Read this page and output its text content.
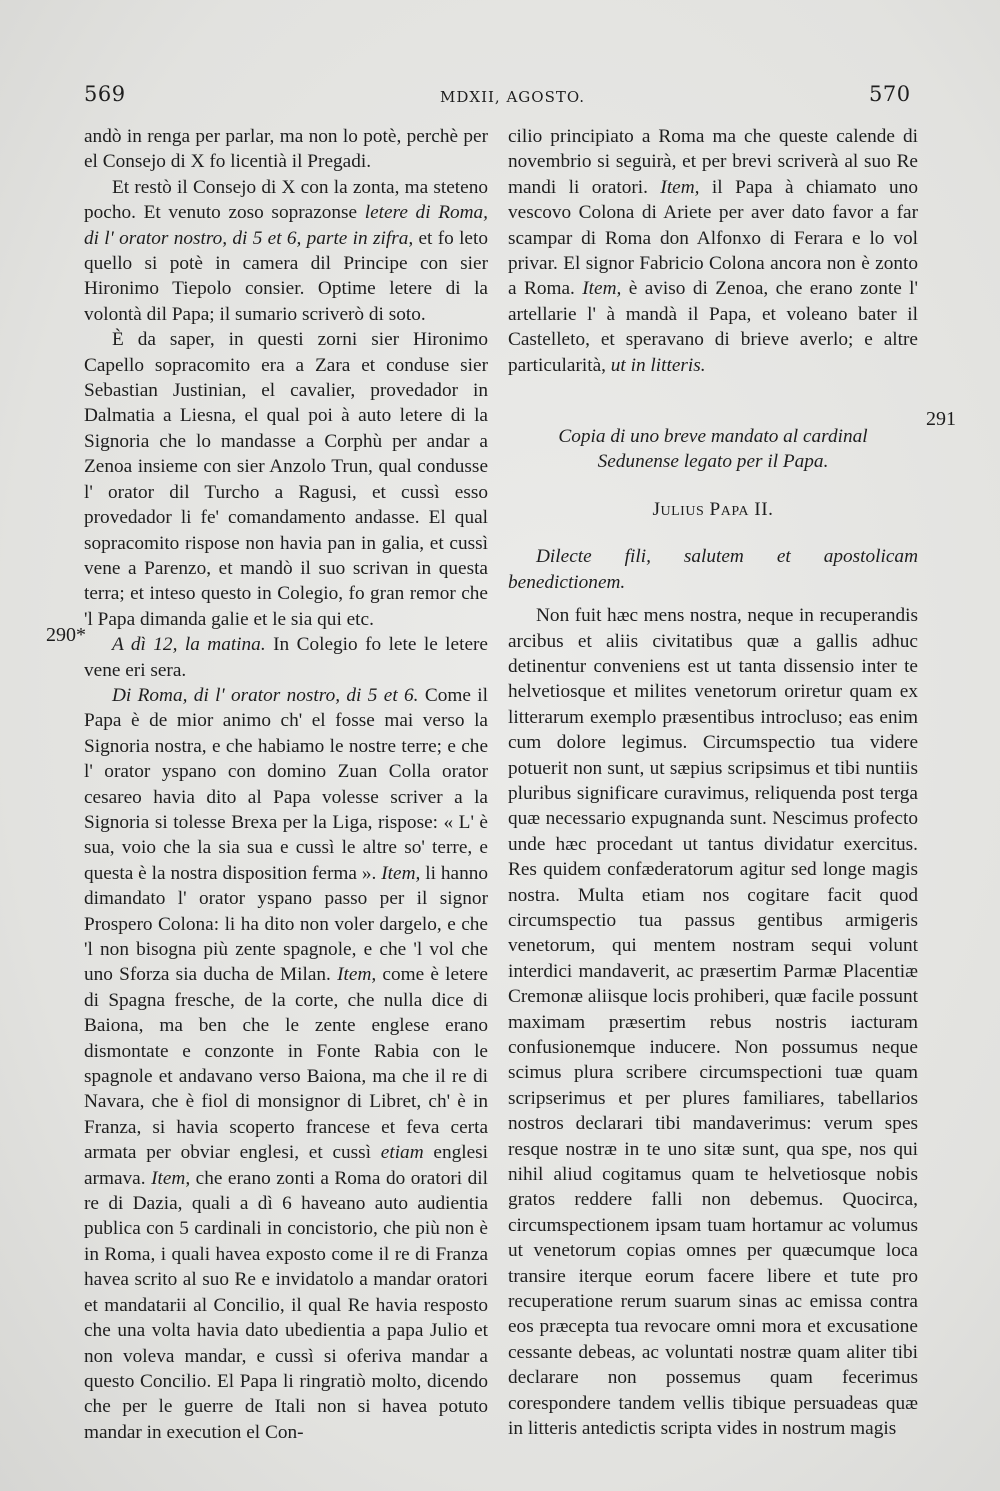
569	MDXII, AGOSTO.	570
290*
291

andò in renga per parlar, ma non lo potè, perchè per el Consejo di X fo licentià il Pregadi.

Et restò il Consejo di X con la zonta, ma steteno pocho. Et venuto zoso soprazonse letere di Roma, di l' orator nostro, di 5 et 6, parte in zifra, et fo leto quello si potè in camera dil Principe con sier Hironimo Tiepolo consier. Optime letere di la volontà dil Papa; il sumario scriverò di soto.

È da saper, in questi zorni sier Hironimo Capello sopracomito era a Zara et conduse sier Sebastian Justinian, el cavalier, provedador in Dalmatia a Liesna, el qual poi à auto letere di la Signoria che lo mandasse a Corphù per andar a Zenoa insieme con sier Anzolo Trun, qual condusse l' orator dil Turcho a Ragusi, et cussì esso provedador li fe' comandamento andasse. El qual sopracomito rispose non havia pan in galia, et cussì vene a Parenzo, et mandò il suo scrivan in questa terra; et inteso questo in Colegio, fo gran remor che 'l Papa dimanda galie et le sia qui etc.

A dì 12, la matina. In Colegio fo lete le letere vene eri sera.

Di Roma, di l' orator nostro, di 5 et 6. Come il Papa è de mior animo ch' el fosse mai verso la Signoria nostra, e che habiamo le nostre terre; e che l' orator yspano con domino Zuan Colla orator cesareo havia dito al Papa volesse scriver a la Signoria si tolesse Brexa per la Liga, rispose: « L' è sua, voio che la sia sua e cussì le altre so' terre, e questa è la nostra disposition ferma ». Item, li hanno dimandato l' orator yspano passo per il signor Prospero Colona: li ha dito non voler dargelo, e che 'l non bisogna più zente spagnole, e che 'l vol che uno Sforza sia ducha de Milan. Item, come è letere di Spagna fresche, de la corte, che nulla dice di Baiona, ma ben che le zente englese erano dismontate e conzonte in Fonte Rabia con le spagnole et andavano verso Baiona, ma che il re di Navara, che è fiol di monsignor di Libret, ch' è in Franza, si havia scoperto francese et feva certa armata per obviar englesi, et cussì etiam englesi armava. Item, che erano zonti a Roma do oratori dil re di Dazia, quali a dì 6 haveano auto audientia publica con 5 cardinali in concistorio, che più non è in Roma, i quali havea exposto come il re di Franza havea scrito al suo Re e invidatolo a mandar oratori et mandatarii al Concilio, il qual Re havia resposto che una volta havia dato ubedientia a papa Julio et non voleva mandar, e cussì si oferiva mandar a questo Concilio. El Papa li ringratiò molto, dicendo che per le guerre de Itali non si havea potuto mandar in execution el Con-

cilio principiato a Roma ma che queste calende di novembrio si seguirà, et per brevi scriverà al suo Re mandi li oratori. Item, il Papa à chiamato uno vescovo Colona di Ariete per aver dato favor a far scampar di Roma don Alfonxo di Ferara e lo vol privar. El signor Fabricio Colona ancora non è zonto a Roma. Item, è aviso di Zenoa, che erano zonte l' artellarie l' à mandà il Papa, et voleano bater il Castelleto, et speravano di brieve averlo; e altre particularità, ut in litteris.

Copia di uno breve mandato al cardinal

Sedunense legato per il Papa.

Julius Papa II.

Dilecte fili, salutem et apostolicam benedictionem.

Non fuit hæc mens nostra, neque in recuperandis arcibus et aliis civitatibus quæ a gallis adhuc detinentur conveniens est ut tanta dissensio inter te helvetiosque et milites venetorum oriretur quam ex litterarum exemplo præsentibus introcluso; eas enim cum dolore legimus. Circumspectio tua videre potuerit non sunt, ut sæpius scripsimus et tibi nuntiis pluribus significare curavimus, reliquenda post terga quæ necessario expugnanda sunt. Nescimus profecto unde hæc procedant ut tantus dividatur exercitus. Res quidem confæderatorum agitur sed longe magis nostra. Multa etiam nos cogitare facit quod circumspectio tua passus gentibus armigeris venetorum, qui mentem nostram sequi volunt interdici mandaverit, ac præsertim Parmæ Placentiæ Cremonæ aliisque locis prohiberi, quæ facile possunt maximam præsertim rebus nostris iacturam confusionemque inducere. Non possumus neque scimus plura scribere circumspectioni tuæ quam scripserimus et per plures familiares, tabellarios nostros declarari tibi mandaverimus: verum spes resque nostræ in te uno sitæ sunt, qua spe, nos qui nihil aliud cogitamus quam te helvetiosque nobis gratos reddere falli non debemus. Quocirca, circumspectionem ipsam tuam hortamur ac volumus ut venetorum copias omnes per quæcumque loca transire iterque eorum facere libere et tute pro recuperatione rerum suarum sinas ac emissa contra eos præcepta tua revocare omni mora et excusatione cessante debeas, ac voluntati nostræ quam aliter tibi declarare non possemus quam fecerimus corespondere tandem vellis tibique persuadeas quæ in litteris antedictis scripta vides in nostrum magis
